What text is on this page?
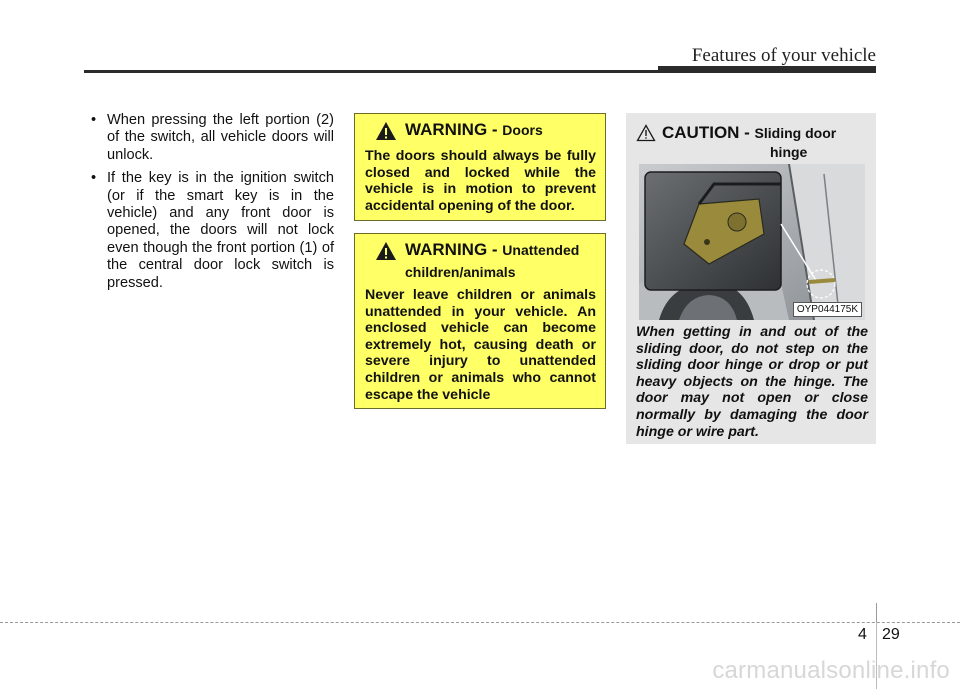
Features of your vehicle
• When pressing the left portion (2) of the switch, all vehicle doors will unlock.
• If the key is in the ignition switch (or if the smart key is in the vehicle) and any front door is opened, the doors will not lock even though the front portion (1) of the central door lock switch is pressed.
WARNING - Doors
The doors should always be fully closed and locked while the vehicle is in motion to prevent accidental opening of the door.
WARNING - Unattended
children/animals
Never leave children or animals unattended in your vehicle. An enclosed vehicle can become extremely hot, causing death or severe injury to unattended children or animals who cannot escape the vehicle
CAUTION - Sliding door
hinge
OYP044175K
When getting in and out of the sliding door, do not step on the sliding door hinge or drop or put heavy objects on the hinge. The door may not open or close normally by damaging the door hinge or wire part.
4 29
carmanualsonline.info
